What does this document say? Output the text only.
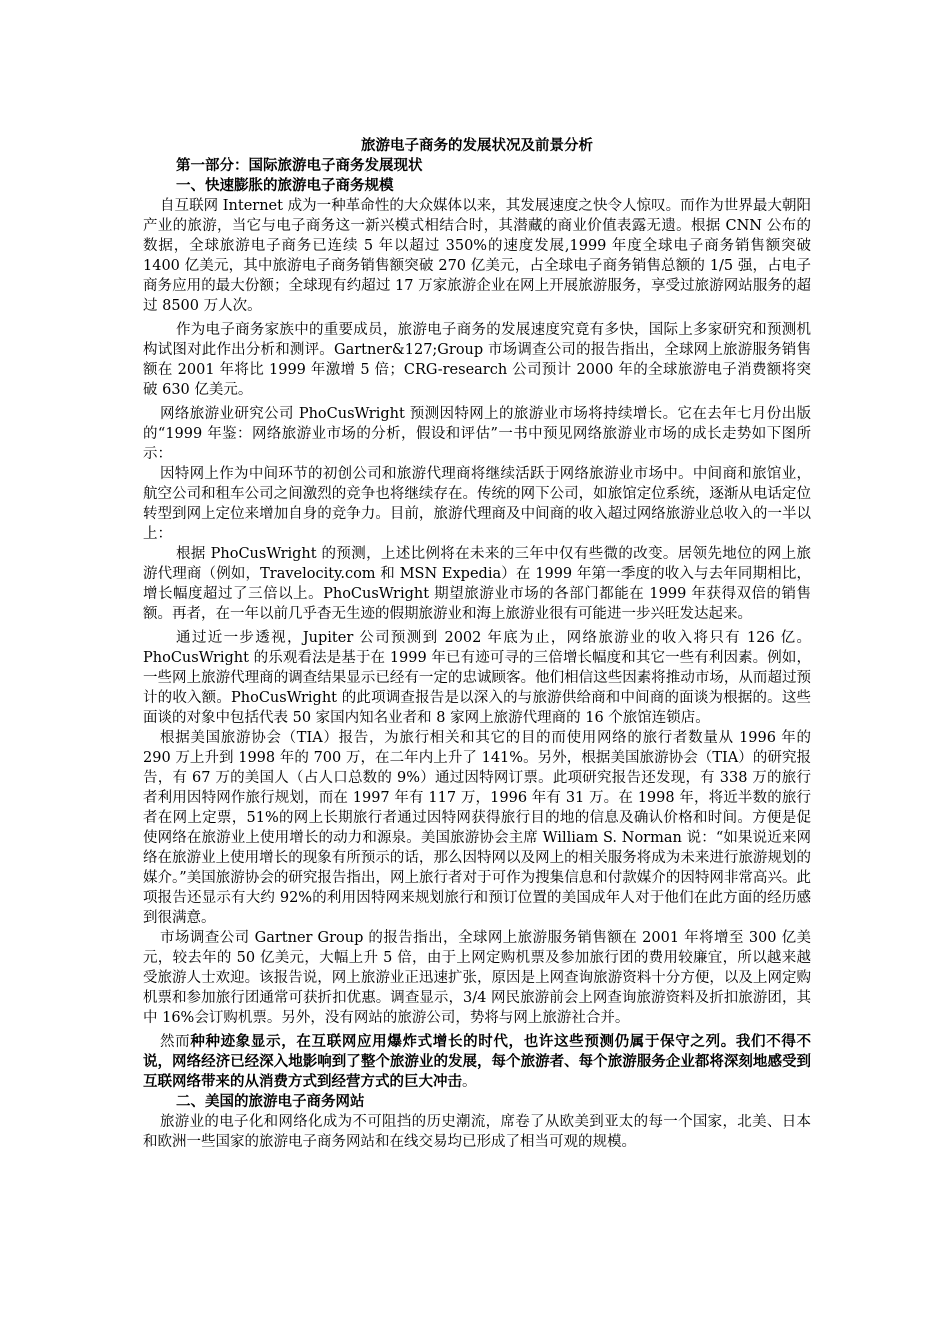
旅游电子商务的发展状况及前景分析

第一部分：国际旅游电子商务发展现状

一、快速膨胀的旅游电子商务规模

自互联网 Internet 成为一种革命性的大众媒体以来，其发展速度之快令人惊叹。而作为世界最大朝阳产业的旅游，当它与电子商务这一新兴模式相结合时，其潜藏的商业价值表露无遗。根据 CNN 公布的数据，全球旅游电子商务已连续 5 年以超过 350%的速度发展,1999 年度全球电子商务销售额突破 1400 亿美元，其中旅游电子商务销售额突破 270 亿美元，占全球电子商务销售总额的 1/5 强，占电子商务应用的最大份额；全球现有约超过 17 万家旅游企业在网上开展旅游服务，享受过旅游网站服务的超过 8500 万人次。

作为电子商务家族中的重要成员，旅游电子商务的发展速度究竟有多快，国际上多家研究和预测机构试图对此作出分析和测评。Gartner&127;Group 市场调查公司的报告指出，全球网上旅游服务销售额在 2001 年将比 1999 年激增 5 倍；CRG-research 公司预计 2000 年的全球旅游电子消费额将突破 630 亿美元。

网络旅游业研究公司 PhoCusWright 预测因特网上的旅游业市场将持续增长。它在去年七月份出版的“1999 年鉴：网络旅游业市场的分析，假设和评估”一书中预见网络旅游业市场的成长走势如下图所示：

因特网上作为中间环节的初创公司和旅游代理商将继续活跃于网络旅游业市场中。中间商和旅馆业，航空公司和租车公司之间激烈的竞争也将继续存在。传统的网下公司，如旅馆定位系统，逐渐从电话定位转型到网上定位来增加自身的竞争力。目前，旅游代理商及中间商的收入超过网络旅游业总收入的一半以上：

根据 PhoCusWright 的预测，上述比例将在未来的三年中仅有些微的改变。居领先地位的网上旅游代理商（例如，Travelocity.com 和 MSN Expedia）在 1999 年第一季度的收入与去年同期相比，增长幅度超过了三倍以上。PhoCusWright 期望旅游业市场的各部门都能在 1999 年获得双倍的销售额。再者，在一年以前几乎杳无生迹的假期旅游业和海上旅游业很有可能进一步兴旺发达起来。

通过近一步透视，Jupiter 公司预测到 2002 年底为止，网络旅游业的收入将只有 126 亿。PhoCusWright 的乐观看法是基于在 1999 年已有迹可寻的三倍增长幅度和其它一些有利因素。例如，一些网上旅游代理商的调查结果显示已经有一定的忠诚顾客。他们相信这些因素将推动市场，从而超过预计的收入额。PhoCusWright 的此项调查报告是以深入的与旅游供给商和中间商的面谈为根据的。这些面谈的对象中包括代表 50 家国内知名业者和 8 家网上旅游代理商的 16 个旅馆连锁店。

根据美国旅游协会（TIA）报告，为旅行相关和其它的目的而使用网络的旅行者数量从 1996 年的 290 万上升到 1998 年的 700 万，在二年内上升了 141%。另外，根据美国旅游协会（TIA）的研究报告，有 67 万的美国人（占人口总数的 9%）通过因特网订票。此项研究报告还发现，有 338 万的旅行者利用因特网作旅行规划，而在 1997 年有 117 万，1996 年有 31 万。在 1998 年，将近半数的旅行者在网上定票，51%的网上长期旅行者通过因特网获得旅行目的地的信息及确认价格和时间。方便是促使网络在旅游业上使用增长的动力和源泉。美国旅游协会主席 William S. Norman 说：“如果说近来网络在旅游业上使用增长的现象有所预示的话，那么因特网以及网上的相关服务将成为未来进行旅游规划的媒介。”美国旅游协会的研究报告指出，网上旅行者对于可作为搜集信息和付款媒介的因特网非常高兴。此项报告还显示有大约 92%的利用因特网来规划旅行和预订位置的美国成年人对于他们在此方面的经历感到很满意。

市场调查公司 Gartner Group 的报告指出，全球网上旅游服务销售额在 2001 年将增至 300 亿美元，较去年的 50 亿美元，大幅上升 5 倍，由于上网定购机票及参加旅行团的费用较廉宜，所以越来越受旅游人士欢迎。该报告说，网上旅游业正迅速扩张，原因是上网查询旅游资料十分方便，以及上网定购机票和参加旅行团通常可获折扣优惠。调查显示，3/4 网民旅游前会上网查询旅游资料及折扣旅游团，其中 16%会订购机票。另外，没有网站的旅游公司，势将与网上旅游社合并。

然而种种迹象显示，在互联网应用爆炸式增长的时代，也许这些预测仍属于保守之列。我们不得不说，网络经济已经深入地影响到了整个旅游业的发展，每个旅游者、每个旅游服务企业都将深刻地感受到互联网络带来的从消费方式到经营方式的巨大冲击。

二、美国的旅游电子商务网站

旅游业的电子化和网络化成为不可阻挡的历史潮流，席卷了从欧美到亚太的每一个国家，北美、日本和欧洲一些国家的旅游电子商务网站和在线交易均已形成了相当可观的规模。
